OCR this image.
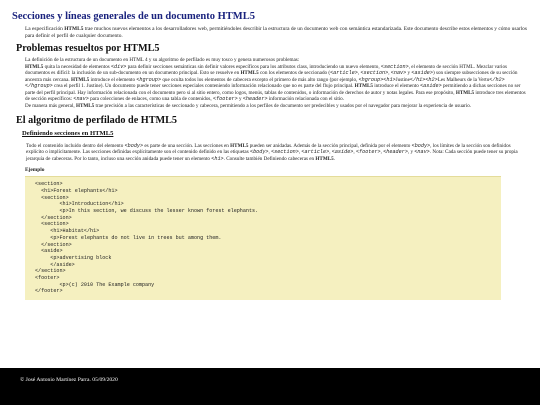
Secciones y líneas generales de un documento HTML5

La especificación HTML5 trae muchos nuevos elementos a los desarrolladores web, permitiéndoles describir la estructura de un documento web con semántica estandarizada. Este documento describe estos elementos y cómo usarlos para definir el perfil de cualquier documento.

Problemas resueltos por HTML5

La definición de la estructura de un documento en HTML 4 y su algoritmo de perfilado es muy tosco y genera numerosos problemas:
HTML5 quita la necesidad de elementos <div> para definir secciones semánticas sin definir valores específicos para los atributos class, introduciendo un nuevo elemento, <section>, el elemento de sección HTML. Mezclar varios documentos es difícil: la inclusión de un sub-documento en un documento principal. Esto se resuelve en HTML5 con los elementos de seccionado (<article>, <section>, <nav> y <aside>) son siempre subsecciones de su sección ancestra más cercana. HTML5 introduce el elemento <hgroup> que oculta todos los elementos de cabecera excepto el primero de más alto rango (por ejemplo, <hgroup><h1>Justine</h1><h2>Les Malheurs de la Vertu</h2></hgroup> crea el perfil 1. Justine). Un documento puede tener secciones especiales conteniendo información relacionado que no es parte del flujo principal. HTML5 introduce el elemento <aside> permitiendo a dichas secciones no ser parte del perfil principal. Hay información relacionada con el documento pero si al sitio entero, como logos, menús, tablas de contenidos, o información de derechos de autor y notas legales. Para ese propósito, HTML5 introduce tres elementos de sección específicos: <nav> para colecciones de enlaces, como una tabla de contenidos, <footer> y <header> información relacionada con el sitio.
De manera más general, HTML5 trae precisión a las características de seccionado y cabecera, permitiendo a los perfiles de documento ser predecibles y usados por el navegador para mejorar la experiencia de usuario.

El algoritmo de perfilado de HTML5
Definiendo secciones en HTML5

Todo el contenido incluido dentro del elemento <body> es parte de una sección. Las secciones en HTML5 pueden ser anidadas. Además de la sección principal, definida por el elemento <body>, los límites de la sección son definidos explícito o implícitamente. Las secciones definidas explícitamente son el contenido definido en las etiquetas <body>, <section>, <article>, <aside>, <footer>, <header>, y <nav>. Nota: Cada sección puede tener su propia jerarquía de cabeceras. Por lo tanto, incluso una sección anidada puede tener un elemento <h1>. Consulte también Definiendo cabeceras en HTML5.

Ejemplo
<section>
<h1>Forest elephants</h1>
<section>
<h1>Introduction</h1>
<p>In this section, we discuss the lesser known forest elephants.
</section>
<section>
<h1>Habitat</h1>
<p>Forest elephants do not live in trees but among them.
</section>
<aside>
<p>advertising block
</aside>
</section>
<footer>
<p>(c) 2010 The Example company
</footer>
© José Antonio Martínez Parra. 05/09/2020
